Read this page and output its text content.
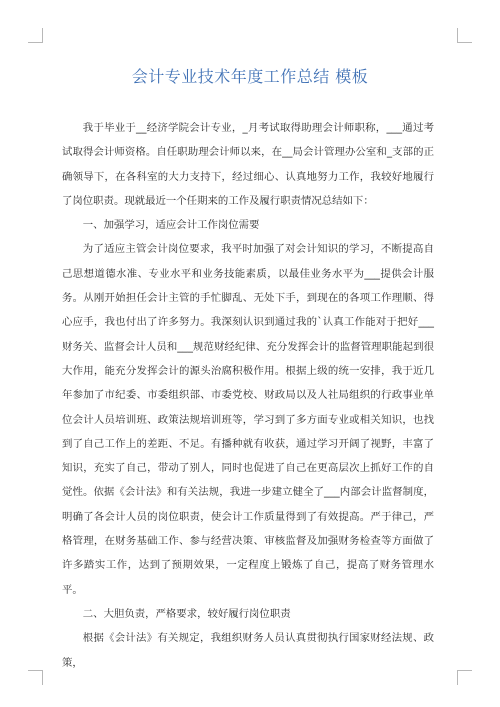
会计专业技术年度工作总结 模板

我于毕业于__经济学院会计专业，_月考试取得助理会计师职称，___通过考试取得会计师资格。自任职助理会计师以来，在__局会计管理办公室和_支部的正确领导下，在各科室的大力支持下，经过细心、认真地努力工作，我较好地履行了岗位职责。现就最近一个任期来的工作及履行职责情况总结如下：

一、加强学习，适应会计工作岗位需要

为了适应主管会计岗位要求，我平时加强了对会计知识的学习，不断提高自己思想道德水准、专业水平和业务技能素质，以最佳业务水平为___提供会计服务。从刚开始担任会计主管的手忙脚乱、无处下手，到现在的各项工作理顺、得心应手，我也付出了许多努力。我深刻认识到通过我的`认真工作能对于把好___财务关、监督会计人员和___规范财经纪律、充分发挥会计的监督管理职能起到很大作用，能充分发挥会计的源头治腐积极作用。根据上级的统一安排，我于近几年参加了市纪委、市委组织部、市委党校、财政局以及人社局组织的行政事业单位会计人员培训班、政策法规培训班等，学习到了多方面专业或相关知识，也找到了自己工作上的差距、不足。有播种就有收获，通过学习开阔了视野，丰富了知识，充实了自己，带动了别人，同时也促进了自己在更高层次上抓好工作的自觉性。依据《会计法》和有关法规，我进一步建立健全了___内部会计监督制度，明确了各会计人员的岗位职责，使会计工作质量得到了有效提高。严于律己，严格管理，在财务基础工作、参与经营决策、审核监督及加强财务检查等方面做了许多踏实工作，达到了预期效果，一定程度上锻炼了自己，提高了财务管理水平。

二、大胆负责，严格要求，较好履行岗位职责

根据《会计法》有关规定，我组织财务人员认真贯彻执行国家财经法规、政策，
